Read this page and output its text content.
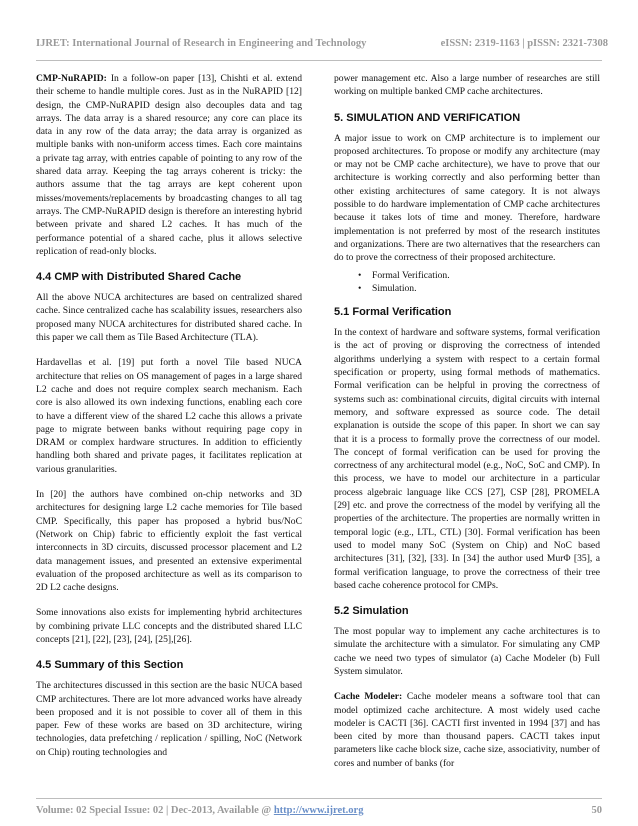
IJRET: International Journal of Research in Engineering and Technology	eISSN: 2319-1163 | pISSN: 2321-7308

CMP-NuRAPID: In a follow-on paper [13], Chishti et al. extend their scheme to handle multiple cores. Just as in the NuRAPID [12] design, the CMP-NuRAPID design also decouples data and tag arrays. The data array is a shared resource; any core can place its data in any row of the data array; the data array is organized as multiple banks with non-uniform access times. Each core maintains a private tag array, with entries capable of pointing to any row of the shared data array. Keeping the tag arrays coherent is tricky: the authors assume that the tag arrays are kept coherent upon misses/movements/replacements by broadcasting changes to all tag arrays. The CMP-NuRAPID design is therefore an interesting hybrid between private and shared L2 caches. It has much of the performance potential of a shared cache, plus it allows selective replication of read-only blocks.

4.4 CMP with Distributed Shared Cache

All the above NUCA architectures are based on centralized shared cache. Since centralized cache has scalability issues, researchers also proposed many NUCA architectures for distributed shared cache. In this paper we call them as Tile Based Architecture (TLA).

Hardavellas et al. [19] put forth a novel Tile based NUCA architecture that relies on OS management of pages in a large shared L2 cache and does not require complex search mechanism. Each core is also allowed its own indexing functions, enabling each core to have a different view of the shared L2 cache this allows a private page to migrate between banks without requiring page copy in DRAM or complex hardware structures. In addition to efficiently handling both shared and private pages, it facilitates replication at various granularities.

In [20] the authors have combined on-chip networks and 3D architectures for designing large L2 cache memories for Tile based CMP. Specifically, this paper has proposed a hybrid bus/NoC (Network on Chip) fabric to efficiently exploit the fast vertical interconnects in 3D circuits, discussed processor placement and L2 data management issues, and presented an extensive experimental evaluation of the proposed architecture as well as its comparison to 2D L2 cache designs.

Some innovations also exists for implementing hybrid architectures by combining private LLC concepts and the distributed shared LLC concepts [21], [22], [23], [24], [25],[26].

4.5 Summary of this Section

The architectures discussed in this section are the basic NUCA based CMP architectures. There are lot more advanced works have already been proposed and it is not possible to cover all of them in this paper. Few of these works are based on 3D architecture, wiring technologies, data prefetching / replication / spilling, NoC (Network on Chip) routing technologies and

power management etc. Also a large number of researches are still working on multiple banked CMP cache architectures.

5. SIMULATION AND VERIFICATION

A major issue to work on CMP architecture is to implement our proposed architectures. To propose or modify any architecture (may or may not be CMP cache architecture), we have to prove that our architecture is working correctly and also performing better than other existing architectures of same category. It is not always possible to do hardware implementation of CMP cache architectures because it takes lots of time and money. Therefore, hardware implementation is not preferred by most of the research institutes and organizations. There are two alternatives that the researchers can do to prove the correctness of their proposed architecture.

• Formal Verification.
• Simulation.
5.1 Formal Verification

In the context of hardware and software systems, formal verification is the act of proving or disproving the correctness of intended algorithms underlying a system with respect to a certain formal specification or property, using formal methods of mathematics. Formal verification can be helpful in proving the correctness of systems such as: combinational circuits, digital circuits with internal memory, and software expressed as source code. The detail explanation is outside the scope of this paper. In short we can say that it is a process to formally prove the correctness of our model. The concept of formal verification can be used for proving the correctness of any architectural model (e.g., NoC, SoC and CMP). In this process, we have to model our architecture in a particular process algebraic language like CCS [27], CSP [28], PROMELA [29] etc. and prove the correctness of the model by verifying all the properties of the architecture. The properties are normally written in temporal logic (e.g., LTL, CTL) [30]. Formal verification has been used to model many SoC (System on Chip) and NoC based architectures [31], [32], [33]. In [34] the author used MurΦ [35], a formal verification language, to prove the correctness of their tree based cache coherence protocol for CMPs.

5.2 Simulation

The most popular way to implement any cache architectures is to simulate the architecture with a simulator. For simulating any CMP cache we need two types of simulator (a) Cache Modeler (b) Full System simulator.

Cache Modeler: Cache modeler means a software tool that can model optimized cache architecture. A most widely used cache modeler is CACTI [36]. CACTI first invented in 1994 [37] and has been cited by more than thousand papers. CACTI takes input parameters like cache block size, cache size, associativity, number of cores and number of banks (for

Volume: 02 Special Issue: 02 | Dec-2013, Available @ http://www.ijret.org	50
